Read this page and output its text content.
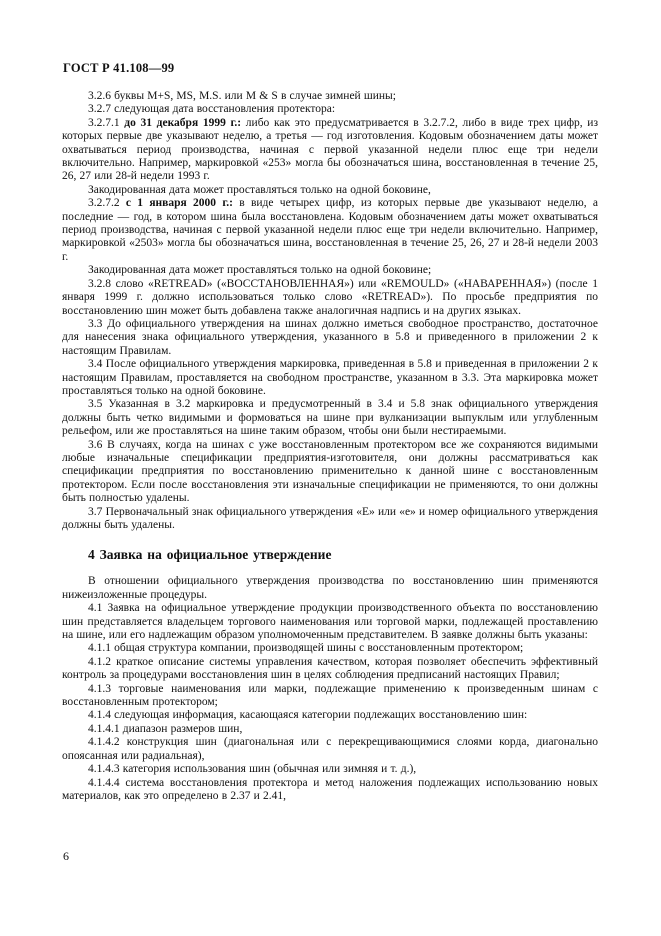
ГОСТ Р 41.108—99

3.2.6 буквы M+S, MS, M.S. или M & S в случае зимней шины;

3.2.7 следующая дата восстановления протектора:

3.2.7.1 до 31 декабря 1999 г.: либо как это предусматривается в 3.2.7.2, либо в виде трех цифр, из которых первые две указывают неделю, а третья — год изготовления. Кодовым обозначением даты может охватываться период производства, начиная с первой указанной недели плюс еще три недели включительно. Например, маркировкой «253» могла бы обозначаться шина, восстановленная в течение 25, 26, 27 или 28-й недели 1993 г.

Закодированная дата может проставляться только на одной боковине,

3.2.7.2 с 1 января 2000 г.: в виде четырех цифр, из которых первые две указывают неделю, а последние — год, в котором шина была восстановлена. Кодовым обозначением даты может охватываться период производства, начиная с первой указанной недели плюс еще три недели включительно. Например, маркировкой «2503» могла бы обозначаться шина, восстановленная в течение 25, 26, 27 и 28-й недели 2003 г.

Закодированная дата может проставляться только на одной боковине;

3.2.8 слово «RETREAD» («ВОССТАНОВЛЕННАЯ») или «REMOULD» («НАВАРЕННАЯ») (после 1 января 1999 г. должно использоваться только слово «RETREAD»). По просьбе предприятия по восстановлению шин может быть добавлена также аналогичная надпись и на других языках.

3.3 До официального утверждения на шинах должно иметься свободное пространство, достаточное для нанесения знака официального утверждения, указанного в 5.8 и приведенного в приложении 2 к настоящим Правилам.

3.4 После официального утверждения маркировка, приведенная в 5.8 и приведенная в приложении 2 к настоящим Правилам, проставляется на свободном пространстве, указанном в 3.3. Эта маркировка может проставляться только на одной боковине.

3.5 Указанная в 3.2 маркировка и предусмотренный в 3.4 и 5.8 знак официального утверждения должны быть четко видимыми и формоваться на шине при вулканизации выпуклым или углубленным рельефом, или же проставляться на шине таким образом, чтобы они были нестираемыми.

3.6 В случаях, когда на шинах с уже восстановленным протектором все же сохраняются видимыми любые изначальные спецификации предприятия-изготовителя, они должны рассматриваться как спецификации предприятия по восстановлению применительно к данной шине с восстановленным протектором. Если после восстановления эти изначальные спецификации не применяются, то они должны быть полностью удалены.

3.7 Первоначальный знак официального утверждения «Е» или «е» и номер официального утверждения должны быть удалены.

4 Заявка на официальное утверждение

В отношении официального утверждения производства по восстановлению шин применяются нижеизложенные процедуры.

4.1 Заявка на официальное утверждение продукции производственного объекта по восстановлению шин представляется владельцем торгового наименования или торговой марки, подлежащей проставлению на шине, или его надлежащим образом уполномоченным представителем. В заявке должны быть указаны:

4.1.1 общая структура компании, производящей шины с восстановленным протектором;

4.1.2 краткое описание системы управления качеством, которая позволяет обеспечить эффективный контроль за процедурами восстановления шин в целях соблюдения предписаний настоящих Правил;

4.1.3 торговые наименования или марки, подлежащие применению к произведенным шинам с восстановленным протектором;

4.1.4 следующая информация, касающаяся категории подлежащих восстановлению шин:

4.1.4.1 диапазон размеров шин,

4.1.4.2 конструкция шин (диагональная или с перекрещивающимися слоями корда, диагонально опоясанная или радиальная),

4.1.4.3 категория использования шин (обычная или зимняя и т. д.),

4.1.4.4 система восстановления протектора и метод наложения подлежащих использованию новых материалов, как это определено в 2.37 и 2.41,

6
